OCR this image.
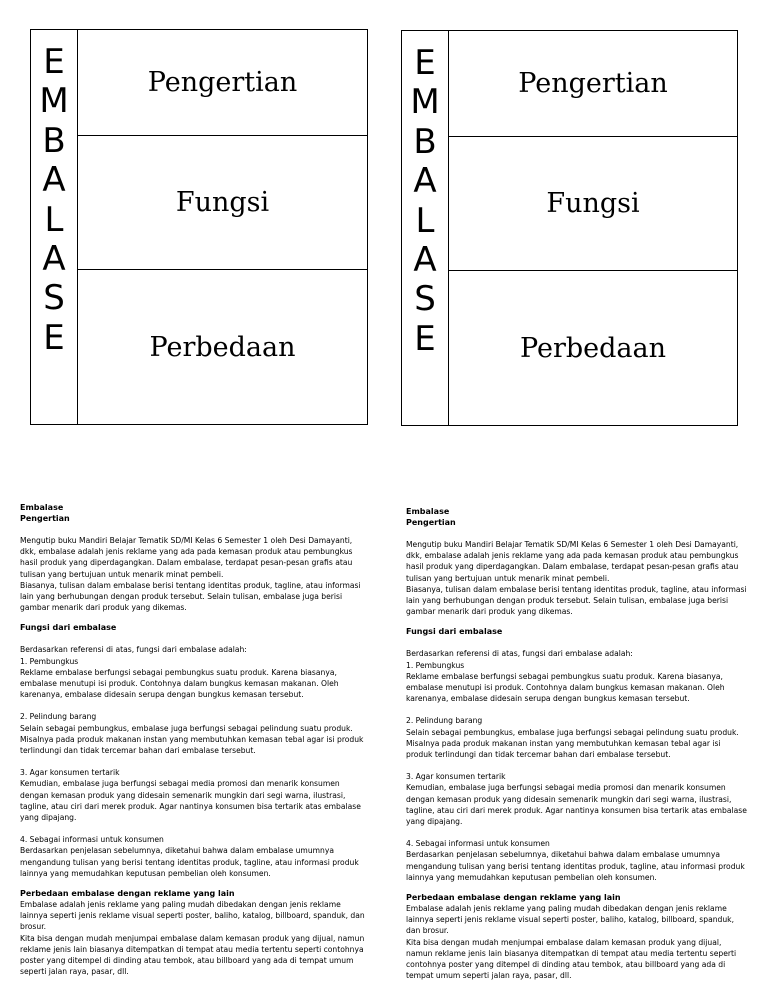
E
M
B
A
L
A
S
E
Pengertian
Fungsi
Perbedaan
E
M
B
A
L
A
S
E
Pengertian
Fungsi
Perbedaan

Embalase

Pengertian

Mengutip buku Mandiri Belajar Tematik SD/MI Kelas 6 Semester 1 oleh Desi Damayanti, dkk, embalase adalah jenis reklame yang ada pada kemasan produk atau pembungkus hasil produk yang diperdagangkan. Dalam embalase, terdapat pesan-pesan grafis atau tulisan yang bertujuan untuk menarik minat pembeli.

Biasanya, tulisan dalam embalase berisi tentang identitas produk, tagline, atau informasi lain yang berhubungan dengan produk tersebut. Selain tulisan, embalase juga berisi gambar menarik dari produk yang dikemas.

Fungsi dari embalase

Berdasarkan referensi di atas, fungsi dari embalase adalah:

1. Pembungkus

Reklame embalase berfungsi sebagai pembungkus suatu produk. Karena biasanya, embalase menutupi isi produk. Contohnya dalam bungkus kemasan makanan. Oleh karenanya, embalase didesain serupa dengan bungkus kemasan tersebut.

2. Pelindung barang

Selain sebagai pembungkus, embalase juga berfungsi sebagai pelindung suatu produk. Misalnya pada produk makanan instan yang membutuhkan kemasan tebal agar isi produk terlindungi dan tidak tercemar bahan dari embalase tersebut.

3. Agar konsumen tertarik

Kemudian, embalase juga berfungsi sebagai media promosi dan menarik konsumen dengan kemasan produk yang didesain semenarik mungkin dari segi warna, ilustrasi, tagline, atau ciri dari merek produk. Agar nantinya konsumen bisa tertarik atas embalase yang dipajang.

4. Sebagai informasi untuk konsumen

Berdasarkan penjelasan sebelumnya, diketahui bahwa dalam embalase umumnya mengandung tulisan yang berisi tentang identitas produk, tagline, atau informasi produk lainnya yang memudahkan keputusan pembelian oleh konsumen.

Perbedaan embalase dengan reklame yang lain

Embalase adalah jenis reklame yang paling mudah dibedakan dengan jenis reklame lainnya seperti jenis reklame visual seperti poster, baliho, katalog, billboard, spanduk, dan brosur.

Kita bisa dengan mudah menjumpai embalase dalam kemasan produk yang dijual, namun reklame jenis lain biasanya ditempatkan di tempat atau media tertentu seperti contohnya poster yang ditempel di dinding atau tembok, atau billboard yang ada di tempat umum seperti jalan raya, pasar, dll.

Embalase

Pengertian

Mengutip buku Mandiri Belajar Tematik SD/MI Kelas 6 Semester 1 oleh Desi Damayanti, dkk, embalase adalah jenis reklame yang ada pada kemasan produk atau pembungkus hasil produk yang diperdagangkan. Dalam embalase, terdapat pesan-pesan grafis atau tulisan yang bertujuan untuk menarik minat pembeli.

Biasanya, tulisan dalam embalase berisi tentang identitas produk, tagline, atau informasi lain yang berhubungan dengan produk tersebut. Selain tulisan, embalase juga berisi gambar menarik dari produk yang dikemas.

Fungsi dari embalase

Berdasarkan referensi di atas, fungsi dari embalase adalah:

1. Pembungkus

Reklame embalase berfungsi sebagai pembungkus suatu produk. Karena biasanya, embalase menutupi isi produk. Contohnya dalam bungkus kemasan makanan. Oleh karenanya, embalase didesain serupa dengan bungkus kemasan tersebut.

2. Pelindung barang

Selain sebagai pembungkus, embalase juga berfungsi sebagai pelindung suatu produk. Misalnya pada produk makanan instan yang membutuhkan kemasan tebal agar isi produk terlindungi dan tidak tercemar bahan dari embalase tersebut.

3. Agar konsumen tertarik

Kemudian, embalase juga berfungsi sebagai media promosi dan menarik konsumen dengan kemasan produk yang didesain semenarik mungkin dari segi warna, ilustrasi, tagline, atau ciri dari merek produk. Agar nantinya konsumen bisa tertarik atas embalase yang dipajang.

4. Sebagai informasi untuk konsumen

Berdasarkan penjelasan sebelumnya, diketahui bahwa dalam embalase umumnya mengandung tulisan yang berisi tentang identitas produk, tagline, atau informasi produk lainnya yang memudahkan keputusan pembelian oleh konsumen.

Perbedaan embalase dengan reklame yang lain

Embalase adalah jenis reklame yang paling mudah dibedakan dengan jenis reklame lainnya seperti jenis reklame visual seperti poster, baliho, katalog, billboard, spanduk, dan brosur.

Kita bisa dengan mudah menjumpai embalase dalam kemasan produk yang dijual, namun reklame jenis lain biasanya ditempatkan di tempat atau media tertentu seperti contohnya poster yang ditempel di dinding atau tembok, atau billboard yang ada di tempat umum seperti jalan raya, pasar, dll.
